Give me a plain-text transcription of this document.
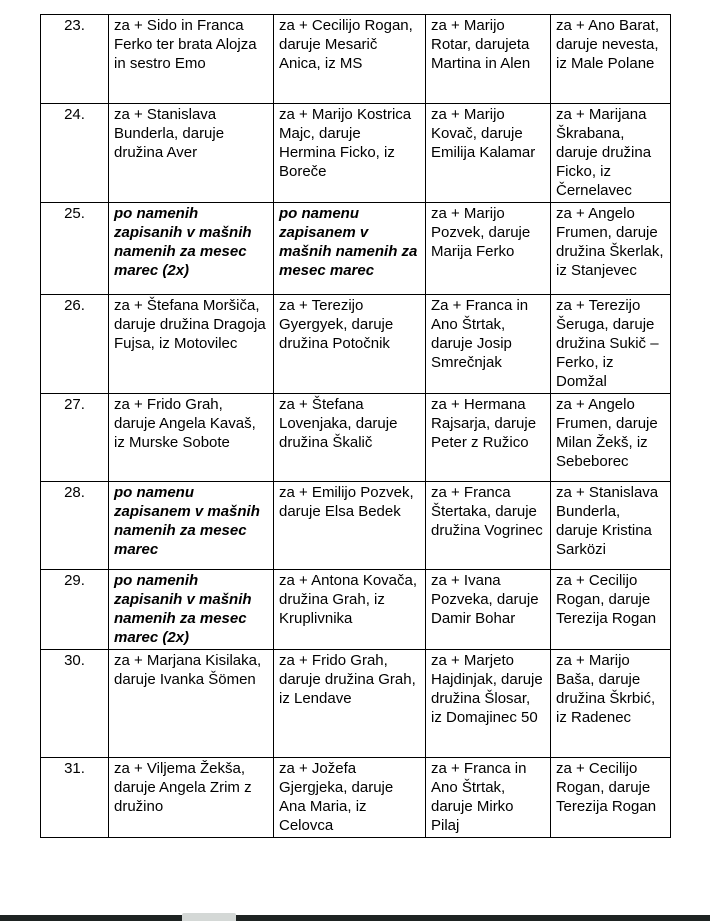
23.	za + Sido in Franca Ferko ter brata Alojza in sestro Emo	za + Cecilijo Rogan, daruje Mesarič Anica, iz MS	za + Marijo Rotar, darujeta Martina in Alen	za + Ano Barat, daruje nevesta, iz Male Polane
24.	za + Stanislava Bunderla, daruje družina Aver	za + Marijo Kostrica Majc, daruje Hermina Ficko, iz Boreče	za + Marijo Kovač, daruje Emilija Kalamar	za + Marijana Škrabana, daruje družina Ficko, iz Černelavec
25.	po namenih zapisanih v mašnih namenih za mesec marec (2x)	po namenu zapisanem v mašnih namenih za mesec marec	za + Marijo Pozvek, daruje Marija Ferko	za + Angelo Frumen, daruje družina Škerlak, iz Stanjevec
26.	za + Štefana Moršiča, daruje družina Dragoja Fujsa, iz Motovilec	za + Terezijo Gyergyek, daruje družina Potočnik	Za + Franca in Ano Štrtak, daruje Josip Smrečnjak	za + Terezijo Šeruga, daruje družina Sukič – Ferko, iz Domžal
27.	za + Frido Grah, daruje Angela Kavaš, iz Murske Sobote	za + Štefana Lovenjaka, daruje družina Škalič	za + Hermana Rajsarja, daruje Peter z Ružico	za + Angelo Frumen, daruje Milan Žekš, iz Sebeborec
28.	po namenu zapisanem v mašnih namenih za mesec marec	za + Emilijo Pozvek, daruje Elsa Bedek	za + Franca Štertaka, daruje družina Vogrinec	za + Stanislava Bunderla, daruje Kristina Sarközi
29.	po namenih zapisanih v mašnih namenih za mesec marec (2x)	za + Antona Kovača, družina Grah, iz Kruplivnika	za + Ivana Pozveka, daruje Damir Bohar	za + Cecilijo Rogan, daruje Terezija Rogan
30.	za + Marjana Kisilaka, daruje Ivanka Šömen	za + Frido Grah, daruje družina Grah, iz Lendave	za + Marjeto Hajdinjak, daruje družina Šlosar, iz Domajinec 50	za + Marijo Baša, daruje družina Škrbić, iz Radenec
31.	za + Viljema Žekša, daruje Angela Zrim z družino	za + Jožefa Gjergjeka, daruje Ana Maria, iz Celovca	za + Franca in Ano Štrtak, daruje Mirko Pilaj	za + Cecilijo Rogan, daruje Terezija Rogan
